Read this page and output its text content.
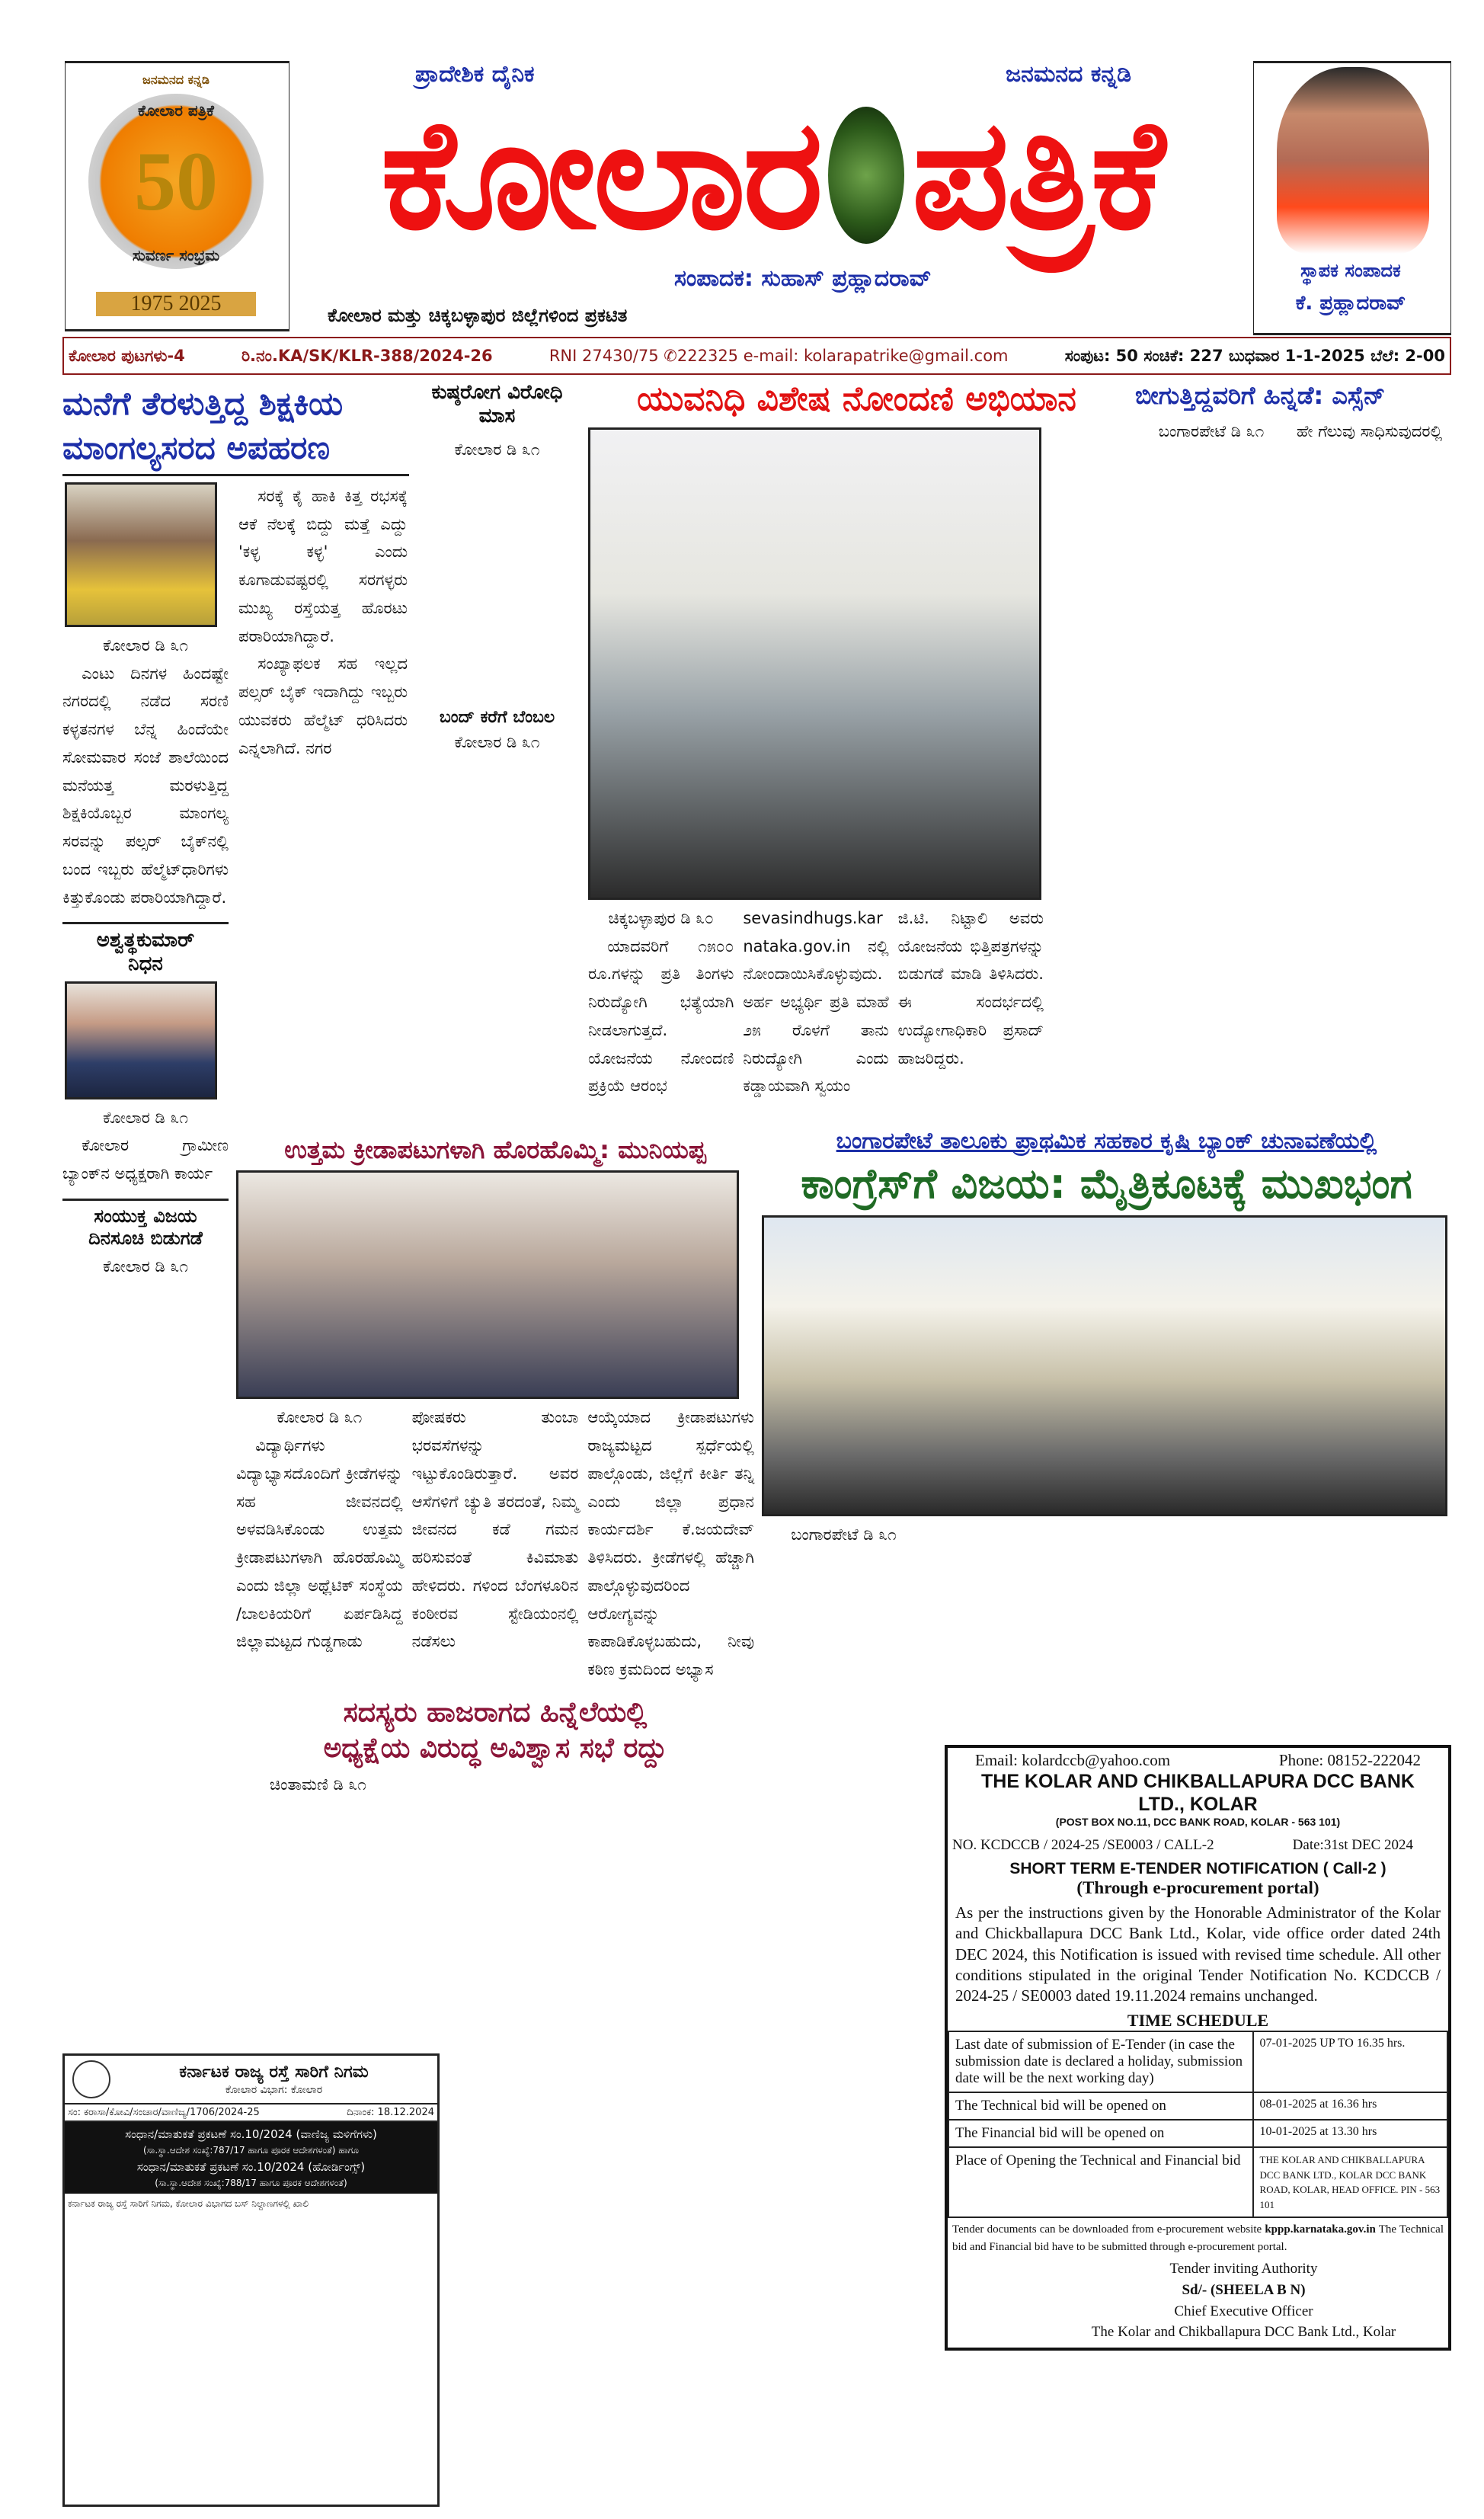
ಜನಮನದ ಕನ್ನಡಿ
ಕೋಲಾರ ಪತ್ರಿಕೆ
50
ಸುವರ್ಣ ಸಂಭ್ರಮ
1975 2025
ಪ್ರಾದೇಶಿಕ ದೈನಿಕ	ಜನಮನದ ಕನ್ನಡಿ
ಕೋಲಾರ ಪತ್ರಿಕೆ
ಸಂಪಾದಕ: ಸುಹಾಸ್ ಪ್ರಹ್ಲಾದರಾವ್
ಕೋಲಾರ ಮತ್ತು ಚಿಕ್ಕಬಳ್ಳಾಪುರ ಜಿಲ್ಲೆಗಳಿಂದ ಪ್ರಕಟಿತ
ಸ್ಥಾಪಕ ಸಂಪಾದಕ
ಕೆ. ಪ್ರಹ್ಲಾದರಾವ್
ಕೋಲಾರ ಪುಟಗಳು-4	ರಿ.ನಂ.KA/SK/KLR-388/2024-26	RNI 27430/75 ✆222325 e-mail: kolarapatrike@gmail.com	ಸಂಪುಟ: 50 ಸಂಚಿಕೆ: 227 ಬುಧವಾರ 1-1-2025 ಬೆಲೆ: 2-00
ಮನೆಗೆ ತೆರಳುತ್ತಿದ್ದ ಶಿಕ್ಷಕಿಯ
ಮಾಂಗಲ್ಯಸರದ ಅಪಹರಣ

ಕೋಲಾರ ಡಿ ೩೧

ಎಂಟು ದಿನಗಳ ಹಿಂದಷ್ಟೇ ನಗರದಲ್ಲಿ ನಡೆದ ಸರಣಿ ಕಳ್ಳತನಗಳ ಬೆನ್ನ ಹಿಂದೆಯೇ ಸೋಮವಾರ ಸಂಜೆ ಶಾಲೆಯಿಂದ ಮನೆಯತ್ತ ಮರಳುತ್ತಿದ್ದ ಶಿಕ್ಷಕಿಯೊಬ್ಬರ ಮಾಂಗಲ್ಯ ಸರವನ್ನು ಪಲ್ಸರ್ ಬೈಕ್‌ನಲ್ಲಿ ಬಂದ ಇಬ್ಬರು ಹೆಲ್ಮೆಟ್‌ಧಾರಿಗಳು ಕಿತ್ತುಕೊಂಡು ಪರಾರಿಯಾಗಿದ್ದಾರೆ.

ಅಶ್ವತ್ಥಕುಮಾರ್
ನಿಧನ

ಕೋಲಾರ ಡಿ ೩೧

ಕೋಲಾರ ಗ್ರಾಮೀಣ ಬ್ಯಾಂಕ್‌ನ ಅಧ್ಯಕ್ಷರಾಗಿ ಕಾರ್ಯ

ಸಂಯುಕ್ತ ವಿಜಯ
ದಿನಸೂಚಿ ಬಿಡುಗಡೆ

ಕೋಲಾರ ಡಿ ೩೧

ಸರಕ್ಕೆ ಕೈ ಹಾಕಿ ಕಿತ್ತ ರಭಸಕ್ಕೆ ಆಕೆ ನೆಲಕ್ಕೆ ಬಿದ್ದು ಮತ್ತೆ ಎದ್ದು 'ಕಳ್ಳ ಕಳ್ಳ' ಎಂದು ಕೂಗಾಡುವಷ್ಟರಲ್ಲಿ ಸರಗಳ್ಳರು ಮುಖ್ಯ ರಸ್ತೆಯತ್ತ ಹೊರಟು ಪರಾರಿಯಾಗಿದ್ದಾರೆ.

ಸಂಖ್ಯಾಫಲಕ ಸಹ ಇಲ್ಲದ ಪಲ್ಸರ್ ಬೈಕ್ ಇದಾಗಿದ್ದು ಇಬ್ಬರು ಯುವಕರು ಹೆಲ್ಮೆಟ್ ಧರಿಸಿದರು ಎನ್ನಲಾಗಿದೆ. ನಗರ

ಕುಷ್ಠರೋಗ ವಿರೋಧಿ ಮಾಸ

ಕೋಲಾರ ಡಿ ೩೧

ಬಂದ್ ಕರೆಗೆ ಬೆಂಬಲ

ಕೋಲಾರ ಡಿ ೩೧

ಯುವನಿಧಿ ವಿಶೇಷ ನೋಂದಣಿ ಅಭಿಯಾನ

ಚಿಕ್ಕಬಳ್ಳಾಪುರ ಡಿ ೩೦

ಯಾದವರಿಗೆ ೧೫೦೦ ರೂ.ಗಳನ್ನು ಪ್ರತಿ ತಿಂಗಳು ನಿರುದ್ಯೋಗಿ ಭತ್ಯೆಯಾಗಿ ನೀಡಲಾಗುತ್ತದೆ. ಯೋಜನೆಯ ನೋಂದಣಿ ಪ್ರಕ್ರಿಯೆ ಆರಂಭ

sevasindhugs.karnataka.gov.in ನಲ್ಲಿ ನೋಂದಾಯಿಸಿಕೊಳ್ಳುವುದು. ಅರ್ಹ ಅಭ್ಯರ್ಥಿ ಪ್ರತಿ ಮಾಹೆ ೨೫ ರೊಳಗೆ ತಾನು ನಿರುದ್ಯೋಗಿ ಎಂದು ಕಡ್ಡಾಯವಾಗಿ ಸ್ವಯಂ

ಜಿ.ಟಿ. ನಿಟ್ಟಾಲಿ ಅವರು ಯೋಜನೆಯ ಭಿತ್ತಿಪತ್ರಗಳನ್ನು ಬಿಡುಗಡೆ ಮಾಡಿ ತಿಳಿಸಿದರು. ಈ ಸಂದರ್ಭದಲ್ಲಿ ಉದ್ಯೋಗಾಧಿಕಾರಿ ಪ್ರಸಾದ್ ಹಾಜರಿದ್ದರು.

ಬೀಗುತ್ತಿದ್ದವರಿಗೆ ಹಿನ್ನಡೆ: ಎಸ್ಸೆನ್

ಬಂಗಾರಪೇಟೆ ಡಿ ೩೧	ಹೇ ಗೆಲುವು ಸಾಧಿಸುವುದರಲ್ಲಿ

ಉತ್ತಮ ಕ್ರೀಡಾಪಟುಗಳಾಗಿ ಹೊರಹೊಮ್ಮಿ: ಮುನಿಯಪ್ಪ

ಕೋಲಾರ ಡಿ ೩೧

ವಿದ್ಯಾರ್ಥಿಗಳು ವಿದ್ಯಾಭ್ಯಾಸದೊಂದಿಗೆ ಕ್ರೀಡೆಗಳನ್ನು ಸಹ ಜೀವನದಲ್ಲಿ ಅಳವಡಿಸಿಕೊಂಡು ಉತ್ತಮ ಕ್ರೀಡಾಪಟುಗಳಾಗಿ ಹೊರಹೊಮ್ಮಿ ಎಂದು ಜಿಲ್ಲಾ ಅಥ್ಲೆಟಿಕ್ ಸಂಸ್ಥೆಯ /ಬಾಲಕಿಯರಿಗೆ ಏರ್ಪಡಿಸಿದ್ದ ಜಿಲ್ಲಾಮಟ್ಟದ ಗುಡ್ಡಗಾಡು

ಪೋಷಕರು ತುಂಬಾ ಭರವಸೆಗಳನ್ನು ಇಟ್ಟುಕೊಂಡಿರುತ್ತಾರೆ. ಅವರ ಆಸೆಗಳಿಗೆ ಚ್ಯುತಿ ತರದಂತೆ, ನಿಮ್ಮ ಜೀವನದ ಕಡೆ ಗಮನ ಹರಿಸುವಂತೆ ಕಿವಿಮಾತು ಹೇಳಿದರು. ಗಳಿಂದ ಬೆಂಗಳೂರಿನ ಕಂಠೀರವ ಸ್ಟೇಡಿಯಂನಲ್ಲಿ ನಡೆಸಲು

ಆಯ್ಕೆಯಾದ ಕ್ರೀಡಾಪಟುಗಳು ರಾಜ್ಯಮಟ್ಟದ ಸ್ಪರ್ಧೆಯಲ್ಲಿ ಪಾಲ್ಗೊಂಡು, ಜಿಲ್ಲೆಗೆ ಕೀರ್ತಿ ತನ್ನಿ ಎಂದು ಜಿಲ್ಲಾ ಪ್ರಧಾನ ಕಾರ್ಯದರ್ಶಿ ಕೆ.ಜಯದೇವ್ ತಿಳಿಸಿದರು. ಕ್ರೀಡೆಗಳಲ್ಲಿ ಹೆಚ್ಚಾಗಿ ಪಾಲ್ಗೊಳ್ಳುವುದರಿಂದ ಆರೋಗ್ಯವನ್ನು ಕಾಪಾಡಿಕೊಳ್ಳಬಹುದು, ನೀವು ಕಠಿಣ ಕ್ರಮದಿಂದ ಅಭ್ಯಾಸ

ಸದಸ್ಯರು ಹಾಜರಾಗದ ಹಿನ್ನೆಲೆಯಲ್ಲಿ
ಅಧ್ಯಕ್ಷೆಯ ವಿರುದ್ಧ ಅವಿಶ್ವಾಸ ಸಭೆ ರದ್ದು

ಚಿಂತಾಮಣಿ ಡಿ ೩೧

ಬಂಗಾರಪೇಟೆ ತಾಲೂಕು ಪ್ರಾಥಮಿಕ ಸಹಕಾರ ಕೃಷಿ ಬ್ಯಾಂಕ್ ಚುನಾವಣೆಯಲ್ಲಿ
ಕಾಂಗ್ರೆಸ್‌ಗೆ ವಿಜಯ: ಮೈತ್ರಿಕೂಟಕ್ಕೆ ಮುಖಭಂಗ

ಬಂಗಾರಪೇಟೆ ಡಿ ೩೧

ಕರ್ನಾಟಕ ರಾಜ್ಯ ರಸ್ತೆ ಸಾರಿಗೆ ನಿಗಮ
ಕೋಲಾರ ವಿಭಾಗ: ಕೋಲಾರ
ಸಂ: ಕರಾಸಾ/ಕೋವಿ/ಸಂಚಾರ/ವಾಣಿಜ್ಯ/1706/2024-25	ದಿನಾಂಕ: 18.12.2024
ಸಂಧಾನ/ಮಾತುಕತೆ ಪ್ರಕಟಣೆ ಸಂ.10/2024 (ವಾಣಿಜ್ಯ ಮಳಿಗೆಗಳು)
(ಸಾ.ಸ್ಥಾ.ಆದೇಶ ಸಂಖ್ಯೆ:787/17 ಹಾಗೂ ಪೂರಕ ಆದೇಶಗಳಂತೆ) ಹಾಗೂ
ಸಂಧಾನ/ಮಾತುಕತೆ ಪ್ರಕಟಣೆ ಸಂ.10/2024 (ಹೋರ್ಡಿಂಗ್ಸ್)
(ಸಾ.ಸ್ಥಾ.ಆದೇಶ ಸಂಖ್ಯೆ:788/17 ಹಾಗೂ ಪೂರಕ ಆದೇಶಗಳಂತೆ)
ಕರ್ನಾಟಕ ರಾಜ್ಯ ರಸ್ತೆ ಸಾರಿಗೆ ನಿಗಮ, ಕೋಲಾರ ವಿಭಾಗದ ಬಸ್ ನಿಲ್ದಾಣಗಳಲ್ಲಿ ಖಾಲಿ
Email: kolardccb@yahoo.com	Phone: 08152-222042
THE KOLAR AND CHIKBALLAPURA DCC BANK LTD., KOLAR
(POST BOX NO.11, DCC BANK ROAD, KOLAR - 563 101)
NO. KCDCCB / 2024-25 /SE0003 / CALL-2	Date:31st DEC 2024
SHORT TERM E-TENDER NOTIFICATION ( Call-2 )
(Through e-procurement portal)
As per the instructions given by the Honorable Administrator of the Kolar and Chickballapura DCC Bank Ltd., Kolar, vide office order dated 24th DEC 2024, this Notification is issued with revised time schedule. All other conditions stipulated in the original Tender Notification No. KCDCCB / 2024-25 / SE0003 dated 19.11.2024 remains unchanged.
TIME SCHEDULE
Last date of submission of E-Tender (in case the submission date is declared a holiday, submission date will be the next working day)	07-01-2025 UP TO 16.35 hrs.
The Technical bid will be opened on	08-01-2025 at 16.36 hrs
The Financial bid will be opened on	10-01-2025 at 13.30 hrs
Place of Opening the Technical and Financial bid	THE KOLAR AND CHIKBALLAPURA DCC BANK LTD., KOLAR DCC BANK ROAD, KOLAR, HEAD OFFICE. PIN - 563 101
Tender documents can be downloaded from e-procurement website kppp.karnataka.gov.in The Technical bid and Financial bid have to be submitted through e-procurement portal.
Tender inviting Authority
Sd/- (SHEELA B N)
Chief Executive Officer
The Kolar and Chikballapura DCC Bank Ltd., Kolar
